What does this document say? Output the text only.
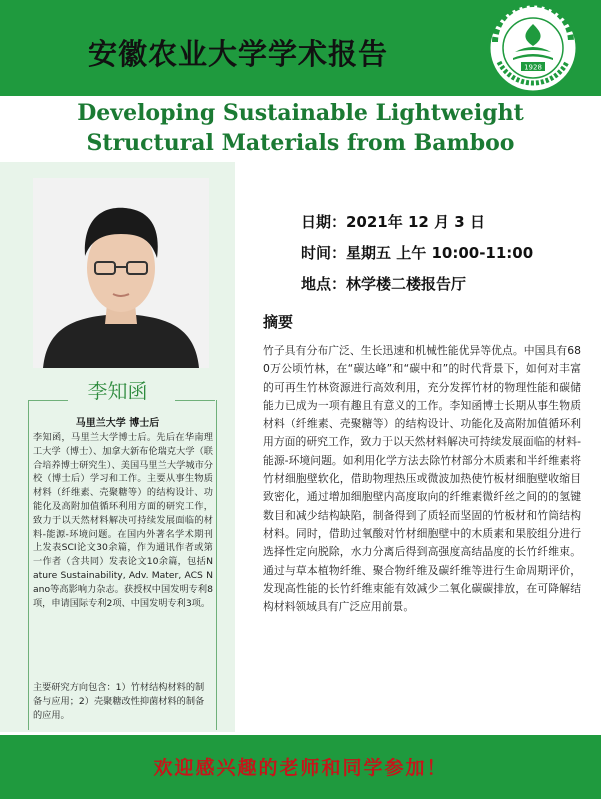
安徽农业大学学术报告	1928
Developing Sustainable Lightweight
Structural Materials from Bamboo
李知函
马里兰大学 博士后
李知函，马里兰大学博士后。先后在华南理工大学（博士）、加拿大新布伦瑞克大学（联合培养博士研究生）、美国马里兰大学城市分校（博士后）学习和工作。主要从事生物质材料（纤维素、壳聚糖等）的结构设计、功能化及高附加值循环利用方面的研究工作，致力于以天然材料解决可持续发展面临的材料-能源-环境问题。在国内外著名学术期刊上发表SCI论文30余篇，作为通讯作者或第一作者（含共同）发表论文10余篇，包括Nature Sustainability, Adv. Mater, ACS Nano等高影响力杂志。获授权中国发明专利8项，申请国际专利2项、中国发明专利3项。
主要研究方向包含：1）竹材结构材料的制备与应用；2）壳聚糖改性抑菌材料的制备的应用。
日期：2021年 12 月 3 日
时间：星期五 上午 10:00-11:00
地点：林学楼二楼报告厅
摘要
竹子具有分布广泛、生长迅速和机械性能优异等优点。中国具有680万公顷竹林，在“碳达峰”和“碳中和”的时代背景下，如何对丰富的可再生竹林资源进行高效利用，充分发挥竹材的物理性能和碳储能力已成为一项有趣且有意义的工作。李知函博士长期从事生物质材料（纤维素、壳聚糖等）的结构设计、功能化及高附加值循环利用方面的研究工作，致力于以天然材料解决可持续发展面临的材料-能源-环境问题。如利用化学方法去除竹材部分木质素和半纤维素将竹材细胞壁软化，借助物理热压或微波加热使竹板材细胞壁收缩目致密化，通过增加细胞壁内高度取向的纤维素微纤丝之间的的氢键数目和减少结构缺陷，制备得到了质轻而坚固的竹板材和竹筒结构材料。同时，借助过氧酸对竹材细胞壁中的木质素和果胶组分进行选择性定向脱除，水力分离后得到高强度高结晶度的长竹纤维束。通过与草本植物纤维、聚合物纤维及碳纤维等进行生命周期评价，发现高性能的长竹纤维束能有效减少二氧化碳碳排放，在可降解结构材料领域具有广泛应用前景。
欢迎感兴趣的老师和同学参加！
